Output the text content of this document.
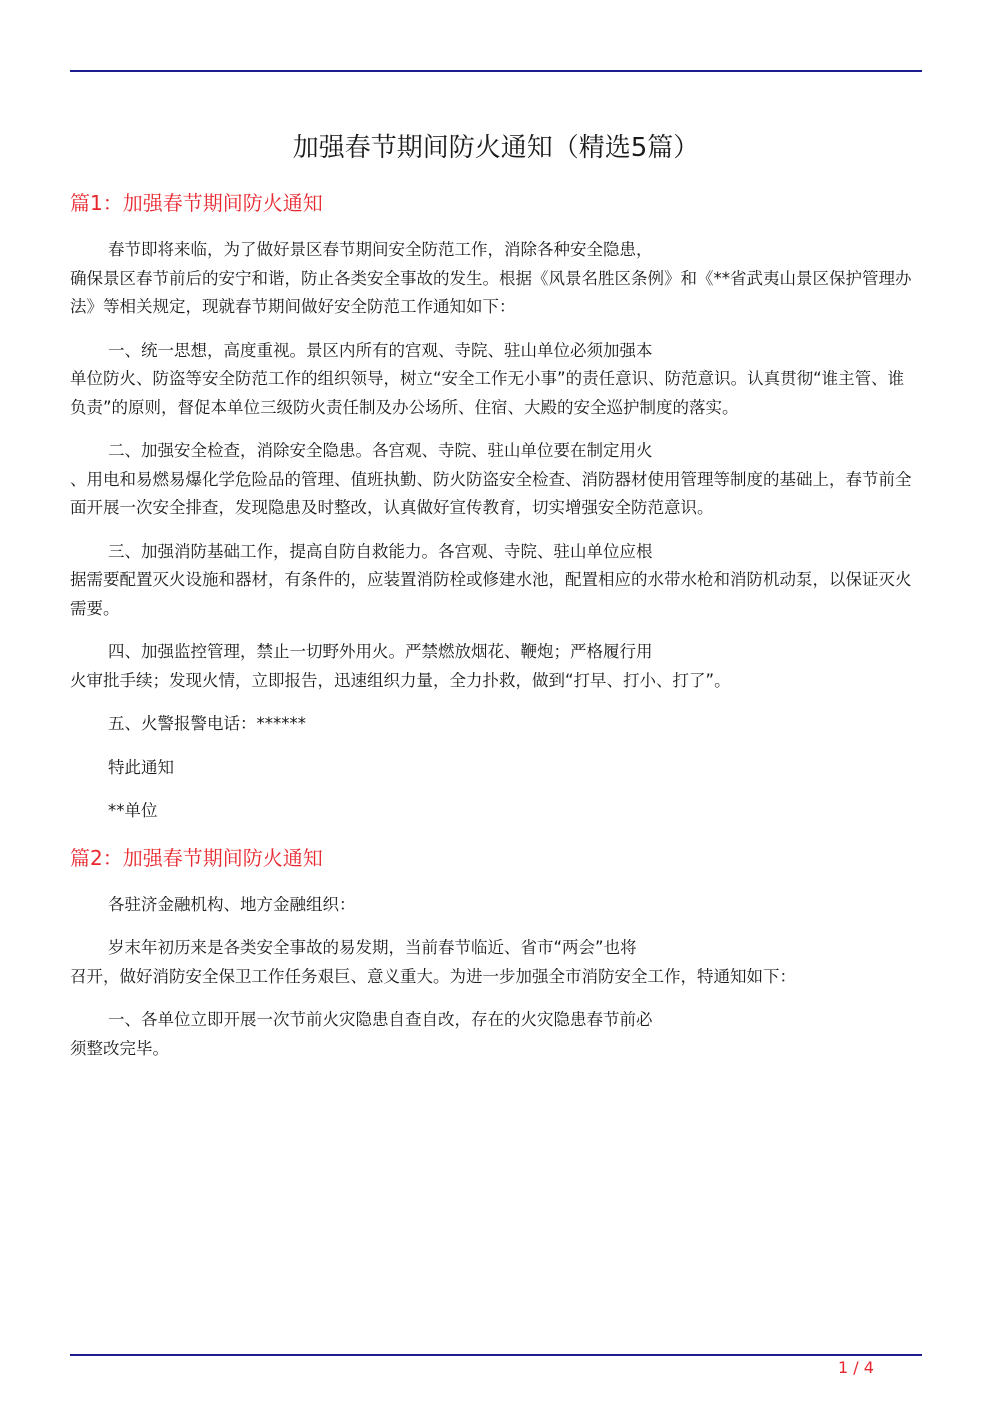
加强春节期间防火通知（精选5篇）
篇1：加强春节期间防火通知

春节即将来临，为了做好景区春节期间安全防范工作，消除各种安全隐患，
确保景区春节前后的安宁和谐，防止各类安全事故的发生。根据《风景名胜区条例》和《**省武夷山景区保护管理办法》等相关规定，现就春节期间做好安全防范工作通知如下：

一、统一思想，高度重视。景区内所有的宫观、寺院、驻山单位必须加强本
单位防火、防盗等安全防范工作的组织领导，树立“安全工作无小事”的责任意识、防范意识。认真贯彻“谁主管、谁负责”的原则，督促本单位三级防火责任制及办公场所、住宿、大殿的安全巡护制度的落实。

二、加强安全检查，消除安全隐患。各宫观、寺院、驻山单位要在制定用火
、用电和易燃易爆化学危险品的管理、值班执勤、防火防盗安全检查、消防器材使用管理等制度的基础上，春节前全面开展一次安全排查，发现隐患及时整改，认真做好宣传教育，切实增强安全防范意识。

三、加强消防基础工作，提高自防自救能力。各宫观、寺院、驻山单位应根
据需要配置灭火设施和器材，有条件的，应装置消防栓或修建水池，配置相应的水带水枪和消防机动泵，以保证灭火需要。

四、加强监控管理，禁止一切野外用火。严禁燃放烟花、鞭炮；严格履行用
火审批手续；发现火情，立即报告，迅速组织力量，全力扑救，做到“打早、打小、打了”。

五、火警报警电话：******

特此通知

**单位

篇2：加强春节期间防火通知

各驻济金融机构、地方金融组织：

岁末年初历来是各类安全事故的易发期，当前春节临近、省市“两会”也将
召开，做好消防安全保卫工作任务艰巨、意义重大。为进一步加强全市消防安全工作，特通知如下：

一、各单位立即开展一次节前火灾隐患自查自改，存在的火灾隐患春节前必
须整改完毕。

1 / 4
